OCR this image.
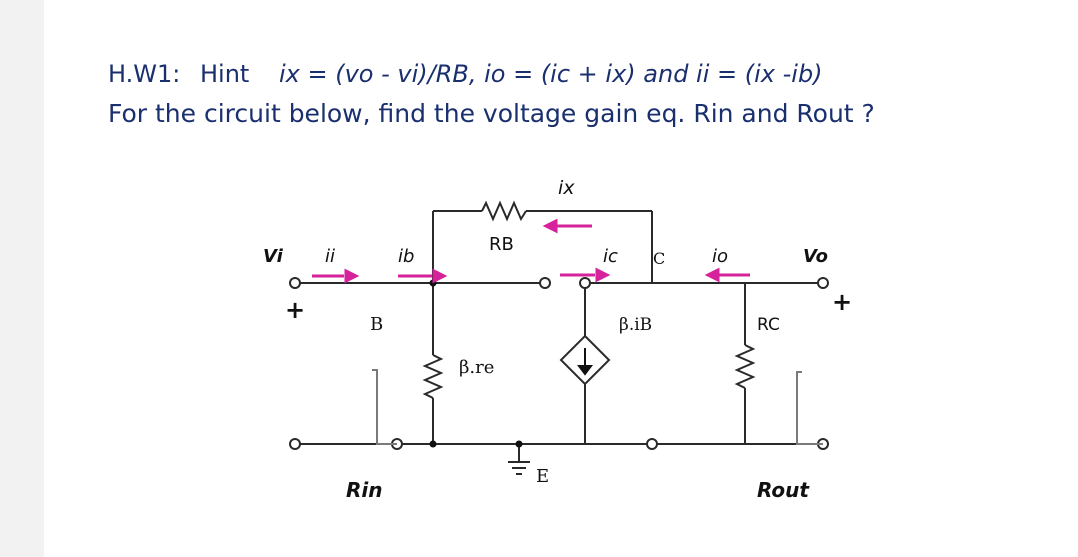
H.W1: Hint ix = (vo - vi)/RB, io = (ic + ix) and ii = (ix -ib)
For the circuit below, find the voltage gain eq. Rin and Rout ?
Vi ii	ib
RB
ix
ic C	io	Vo
+	+
B
β.re
β.iB	RC
E
Rin	Rout
